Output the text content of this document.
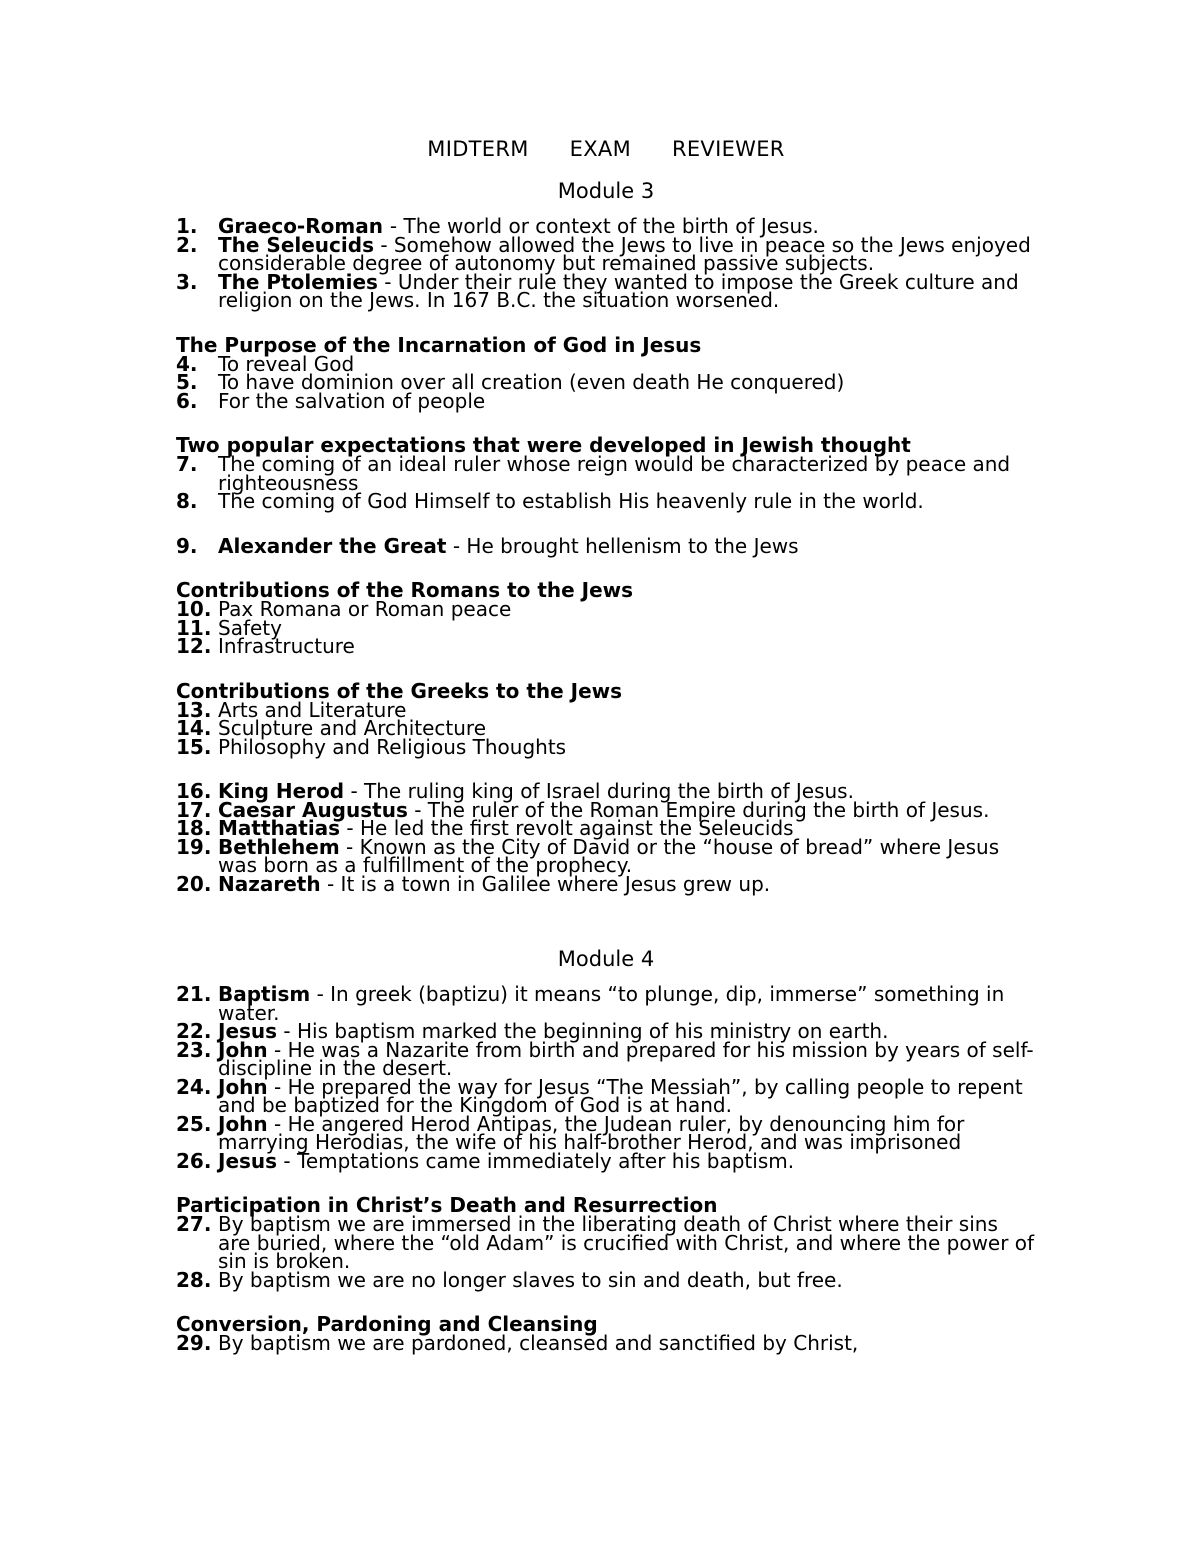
MIDTERM EXAM REVIEWER
Module 3
1. Graeco-Roman - The world or context of the birth of Jesus.
2. The Seleucids - Somehow allowed the Jews to live in peace so the Jews enjoyed considerable degree of autonomy but remained passive subjects.
3. The Ptolemies - Under their rule they wanted to impose the Greek culture and religion on the Jews. In 167 B.C. the situation worsened.
The Purpose of the Incarnation of God in Jesus
4. To reveal God
5. To have dominion over all creation (even death He conquered)
6. For the salvation of people
Two popular expectations that were developed in Jewish thought
7. The coming of an ideal ruler whose reign would be characterized by peace and righteousness
8. The coming of God Himself to establish His heavenly rule in the world.
9. Alexander the Great - He brought hellenism to the Jews
Contributions of the Romans to the Jews
10. Pax Romana or Roman peace
11. Safety
12. Infrastructure
Contributions of the Greeks to the Jews
13. Arts and Literature
14. Sculpture and Architecture
15. Philosophy and Religious Thoughts
16. King Herod - The ruling king of Israel during the birth of Jesus.
17. Caesar Augustus - The ruler of the Roman Empire during the birth of Jesus.
18. Matthatias - He led the first revolt against the Seleucids
19. Bethlehem - Known as the City of David or the “house of bread” where Jesus was born as a fulfillment of the prophecy.
20. Nazareth - It is a town in Galilee where Jesus grew up.
Module 4
21. Baptism - In greek (baptizu) it means “to plunge, dip, immerse” something in water.
22. Jesus - His baptism marked the beginning of his ministry on earth.
23. John - He was a Nazarite from birth and prepared for his mission by years of self-discipline in the desert.
24. John - He prepared the way for Jesus “The Messiah”, by calling people to repent and be baptized for the Kingdom of God is at hand.
25. John - He angered Herod Antipas, the Judean ruler, by denouncing him for marrying Herodias, the wife of his half-brother Herod, and was imprisoned
26. Jesus - Temptations came immediately after his baptism.
Participation in Christ’s Death and Resurrection
27. By baptism we are immersed in the liberating death of Christ where their sins are buried, where the “old Adam” is crucified with Christ, and where the power of sin is broken.
28. By baptism we are no longer slaves to sin and death, but free.
Conversion, Pardoning and Cleansing
29. By baptism we are pardoned, cleansed and sanctified by Christ,
